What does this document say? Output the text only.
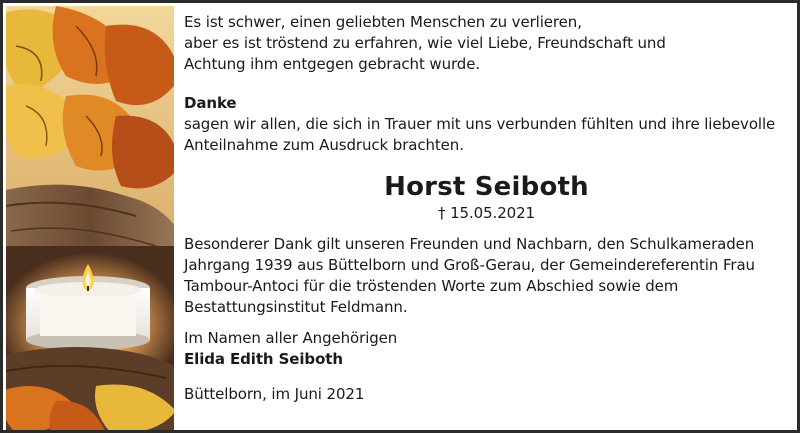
Es ist schwer, einen geliebten Menschen zu verlieren,

aber es ist tröstend zu erfahren, wie viel Liebe, Freundschaft und

Achtung ihm entgegen gebracht wurde.

Danke

sagen wir allen, die sich in Trauer mit uns verbunden fühlten und ihre liebevolle

Anteilnahme zum Ausdruck brachten.

Horst Seiboth

† 15.05.2021

Besonderer Dank gilt unseren Freunden und Nachbarn, den Schulkameraden

Jahrgang 1939 aus Büttelborn und Groß-Gerau, der Gemeindereferentin Frau

Tambour-Antoci für die tröstenden Worte zum Abschied sowie dem

Bestattungsinstitut Feldmann.

Im Namen aller Angehörigen

Elida Edith Seiboth

Büttelborn, im Juni 2021
